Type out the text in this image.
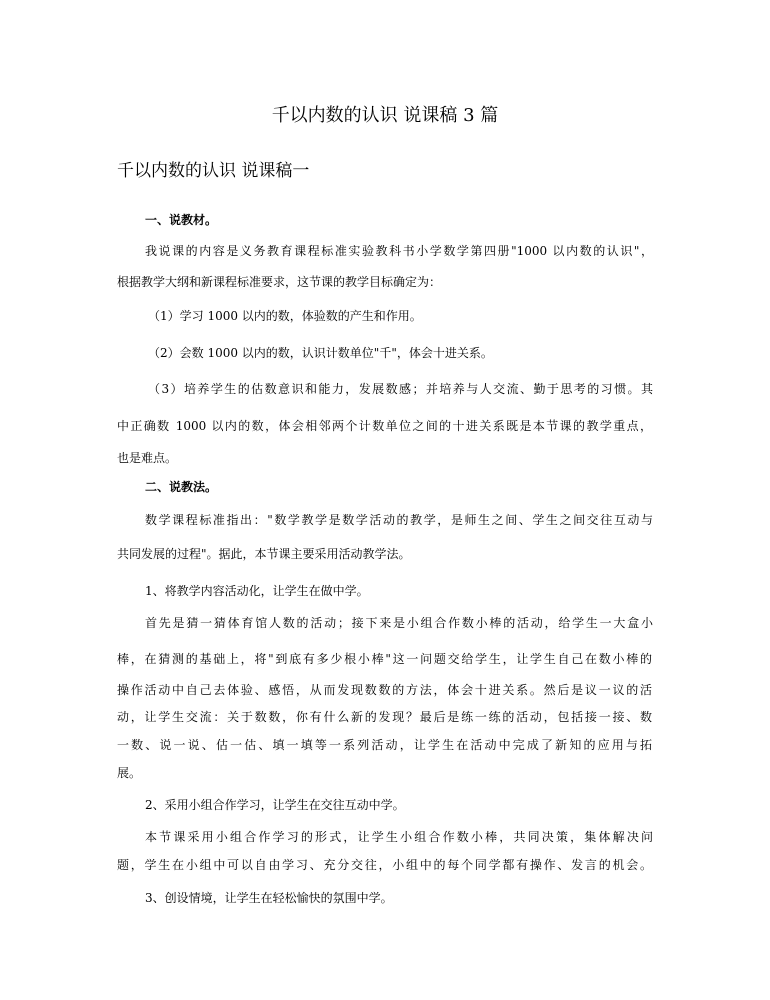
千以内数的认识 说课稿 3 篇
千以内数的认识 说课稿一
一、说教材。
我说课的内容是义务教育课程标准实验教科书小学数学第四册"1000 以内数的认识"，
根据教学大纲和新课程标准要求，这节课的教学目标确定为：
（1）学习 1000 以内的数，体验数的产生和作用。
（2）会数 1000 以内的数，认识计数单位"千"，体会十进关系。
（3）培养学生的估数意识和能力，发展数感；并培养与人交流、勤于思考的习惯。其
中正确数 1000 以内的数，体会相邻两个计数单位之间的十进关系既是本节课的教学重点，
也是难点。
二、说教法。
数学课程标准指出："数学教学是数学活动的教学，是师生之间、学生之间交往互动与
共同发展的过程"。据此，本节课主要采用活动教学法。
1、将教学内容活动化，让学生在做中学。
首先是猜一猜体育馆人数的活动；接下来是小组合作数小棒的活动，给学生一大盒小
棒，在猜测的基础上，将"到底有多少根小棒"这一问题交给学生，让学生自己在数小棒的
操作活动中自己去体验、感悟，从而发现数数的方法，体会十进关系。然后是议一议的活
动，让学生交流：关于数数，你有什么新的发现？最后是练一练的活动，包括接一接、数
一数、说一说、估一估、填一填等一系列活动，让学生在活动中完成了新知的应用与拓
展。
2、采用小组合作学习，让学生在交往互动中学。
本节课采用小组合作学习的形式，让学生小组合作数小棒，共同决策，集体解决问
题，学生在小组中可以自由学习、充分交往，小组中的每个同学都有操作、发言的机会。
3、创设情境，让学生在轻松愉快的氛围中学。
